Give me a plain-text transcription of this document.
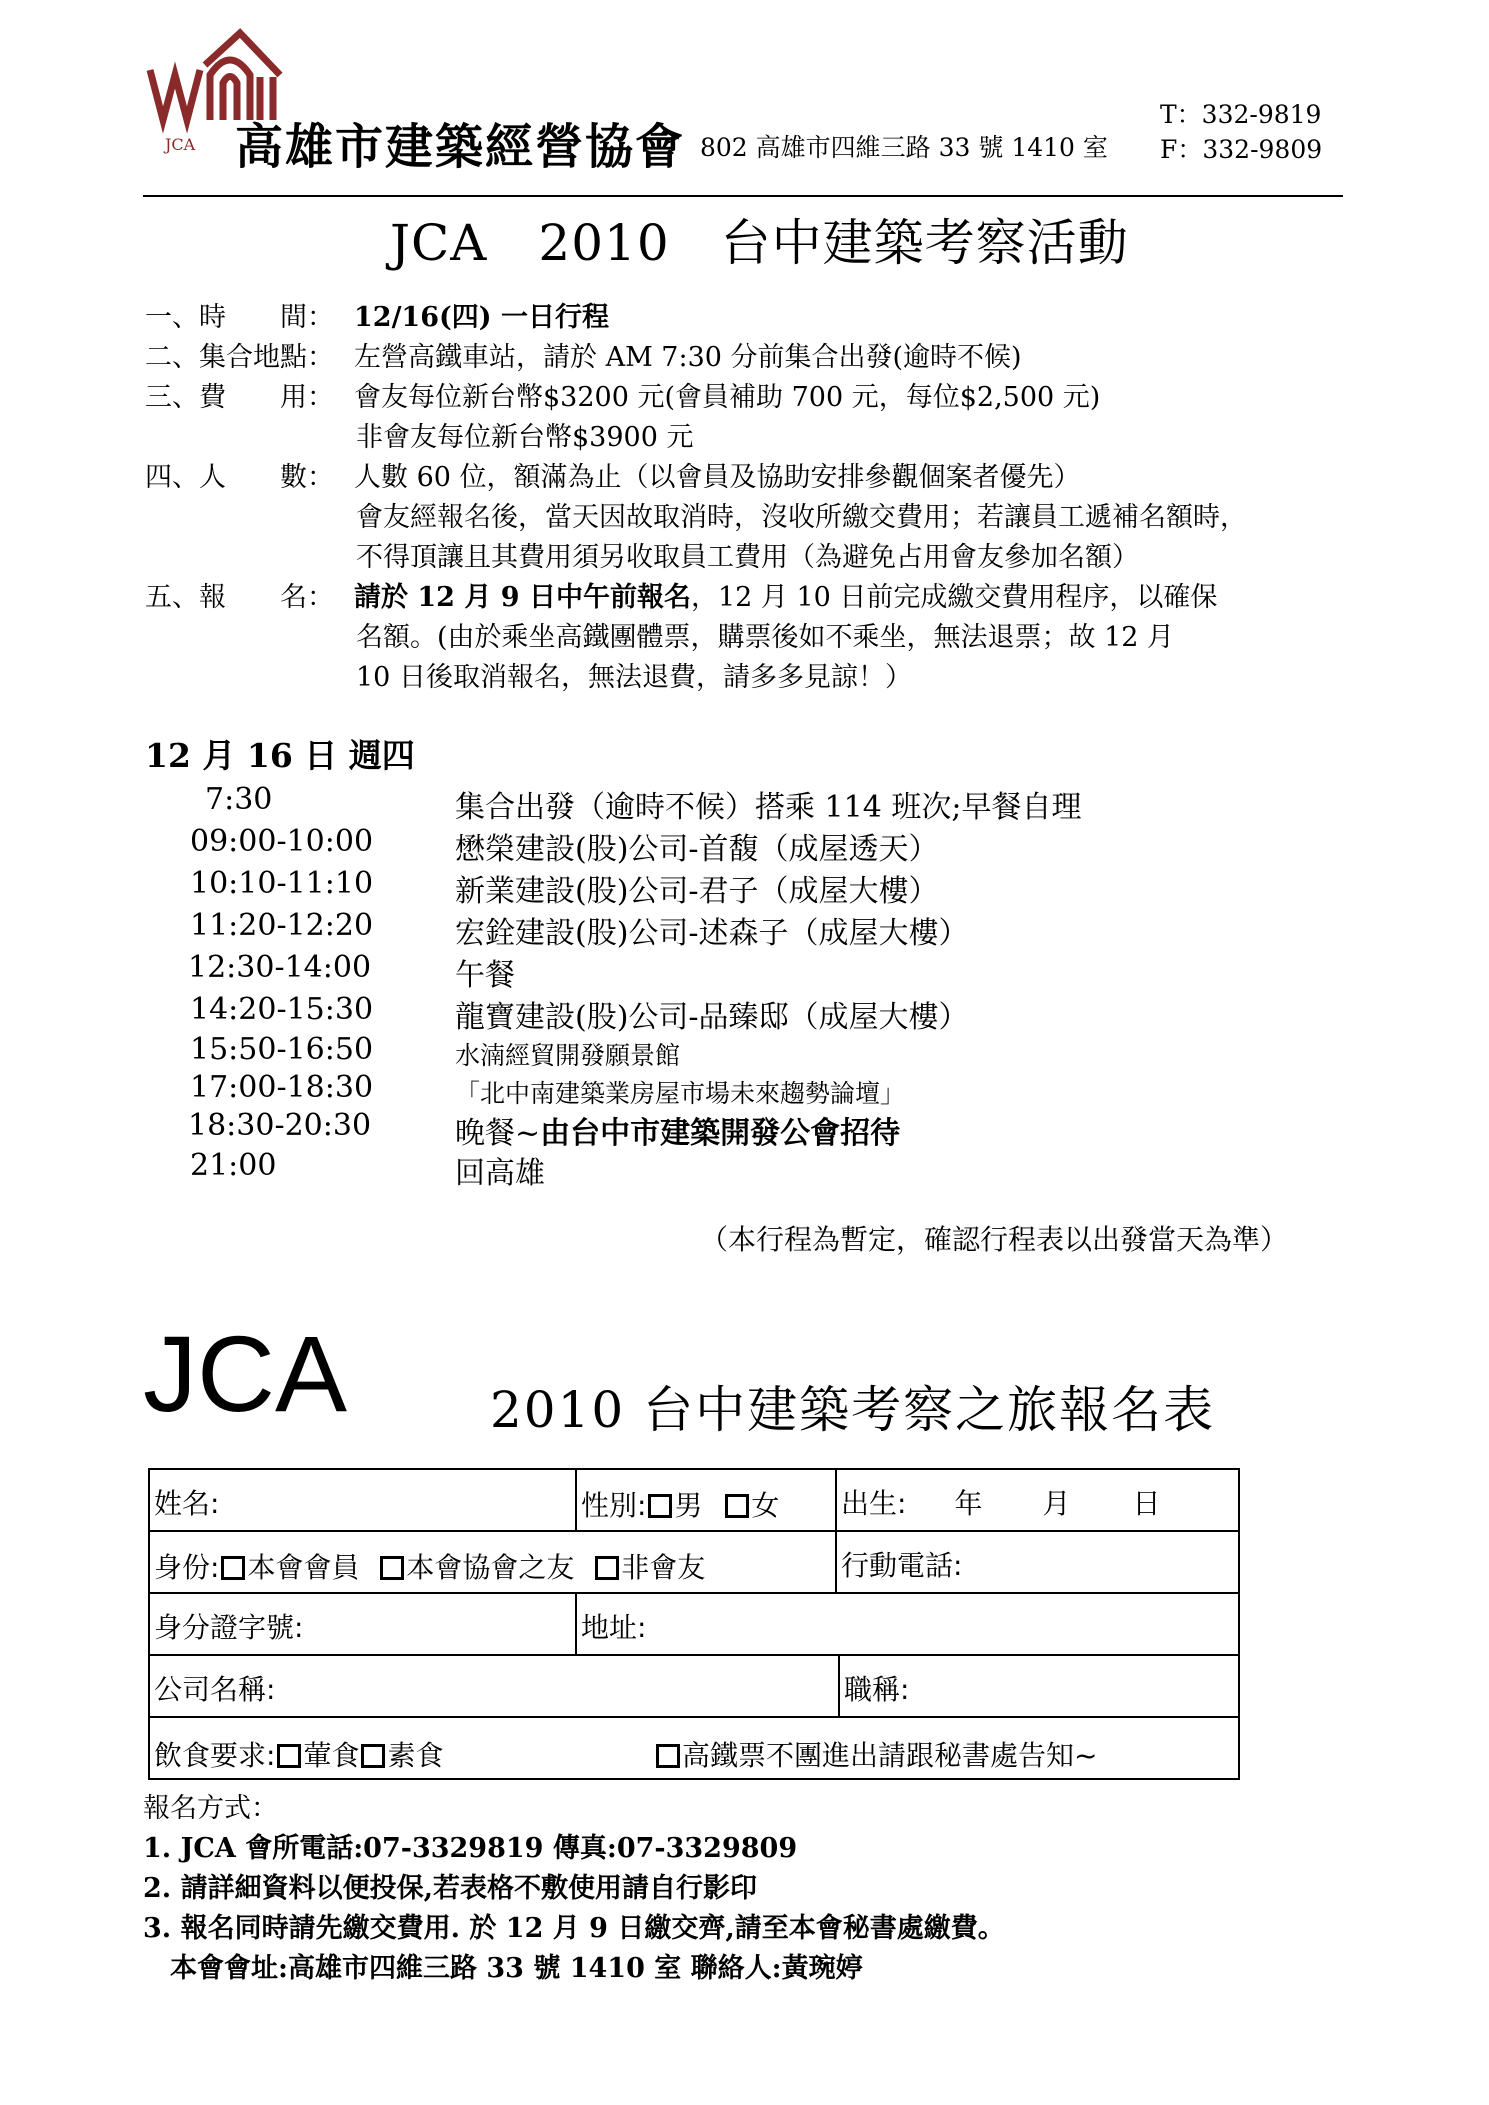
JCA 高雄市建築經營協會 802 高雄市四維三路 33 號 1410 室
T：332-9819
F：332-9809
JCA　2010　台中建築考察活動
一、時　　間： 12/16(四) 一日行程
二、集合地點： 左營高鐵車站，請於 AM 7:30 分前集合出發(逾時不候)
三、費　　用： 會友每位新台幣$3200 元(會員補助 700 元，每位$2,500 元)
非會友每位新台幣$3900 元
四、人　　數： 人數 60 位，額滿為止（以會員及協助安排參觀個案者優先）
會友經報名後，當天因故取消時，沒收所繳交費用；若讓員工遞補名額時，
不得頂讓且其費用須另收取員工費用（為避免占用會友參加名額）
五、報　　名： 請於 12 月 9 日中午前報名，12 月 10 日前完成繳交費用程序，以確保
名額。(由於乘坐高鐵團體票，購票後如不乘坐，無法退票；故 12 月
10 日後取消報名，無法退費，請多多見諒！）
12 月 16 日 週四
7:30	集合出發（逾時不候）搭乘 114 班次;早餐自理
09:00-10:00	懋榮建設(股)公司-首馥（成屋透天）
10:10-11:10	新業建設(股)公司-君子（成屋大樓）
11:20-12:20	宏銓建設(股)公司-述森子（成屋大樓）
12:30-14:00	午餐
14:20-15:30	龍寶建設(股)公司-品臻邸（成屋大樓）
15:50-16:50	水湳經貿開發願景館
17:00-18:30	「北中南建築業房屋市場未來趨勢論壇」
18:30-20:30	晚餐~由台中市建築開發公會招待
21:00	回高雄
（本行程為暫定，確認行程表以出發當天為準）
JCA	2010 台中建築考察之旅報名表
姓名:	性別: 男 女 出生: 年 月 日
身份: 本會會員 本會協會之友 非會友	行動電話:
身分證字號:	地址:
公司名稱:	職稱:
飲食要求: 葷食 素食	高鐵票不團進出請跟秘書處告知~
報名方式：
1. JCA 會所電話:07-3329819 傳真:07-3329809
2. 請詳細資料以便投保,若表格不敷使用請自行影印
3. 報名同時請先繳交費用. 於 12 月 9 日繳交齊,請至本會秘書處繳費。
　本會會址:高雄市四維三路 33 號 1410 室 聯絡人:黃琬婷
